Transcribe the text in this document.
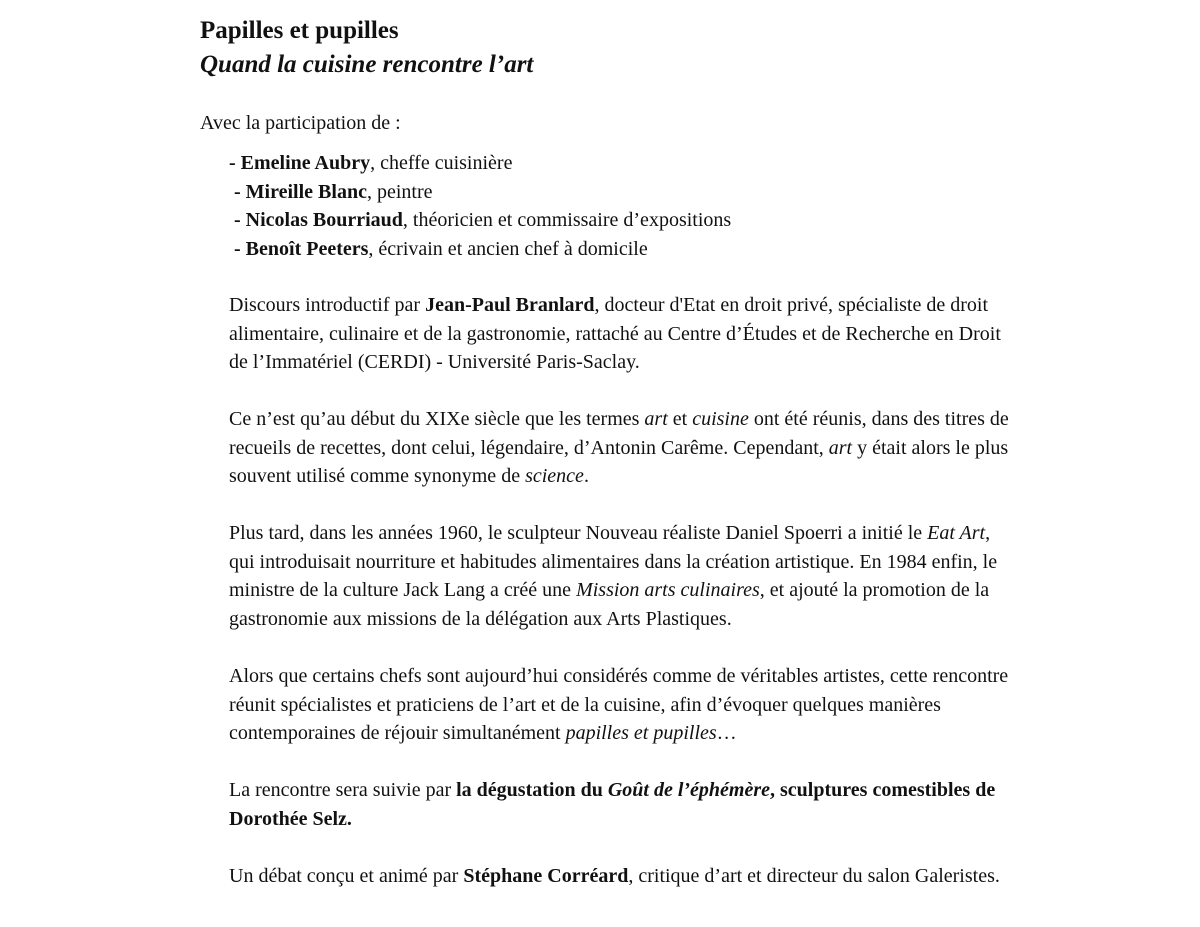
Papilles et pupilles
Quand la cuisine rencontre l’art

Avec la participation de :

- Emeline Aubry, cheffe cuisinière
- Mireille Blanc, peintre
- Nicolas Bourriaud, théoricien et commissaire d’expositions
- Benoît Peeters, écrivain et ancien chef à domicile

Discours introductif par Jean-Paul Branlard, docteur d'Etat en droit privé, spécialiste de droit alimentaire, culinaire et de la gastronomie, rattaché au Centre d’Études et de Recherche en Droit de l’Immatériel (CERDI) - Université Paris-Saclay.

Ce n’est qu’au début du XIXe siècle que les termes art et cuisine ont été réunis, dans des titres de recueils de recettes, dont celui, légendaire, d’Antonin Carême. Cependant, art y était alors le plus souvent utilisé comme synonyme de science.

Plus tard, dans les années 1960, le sculpteur Nouveau réaliste Daniel Spoerri a initié le Eat Art, qui introduisait nourriture et habitudes alimentaires dans la création artistique. En 1984 enfin, le ministre de la culture Jack Lang a créé une Mission arts culinaires, et ajouté la promotion de la gastronomie aux missions de la délégation aux Arts Plastiques.

Alors que certains chefs sont aujourd’hui considérés comme de véritables artistes, cette rencontre réunit spécialistes et praticiens de l’art et de la cuisine, afin d’évoquer quelques manières contemporaines de réjouir simultanément papilles et pupilles…

La rencontre sera suivie par la dégustation du Goût de l’éphémère, sculptures comestibles de Dorothée Selz.

Un débat conçu et animé par Stéphane Corréard, critique d’art et directeur du salon Galeristes.
